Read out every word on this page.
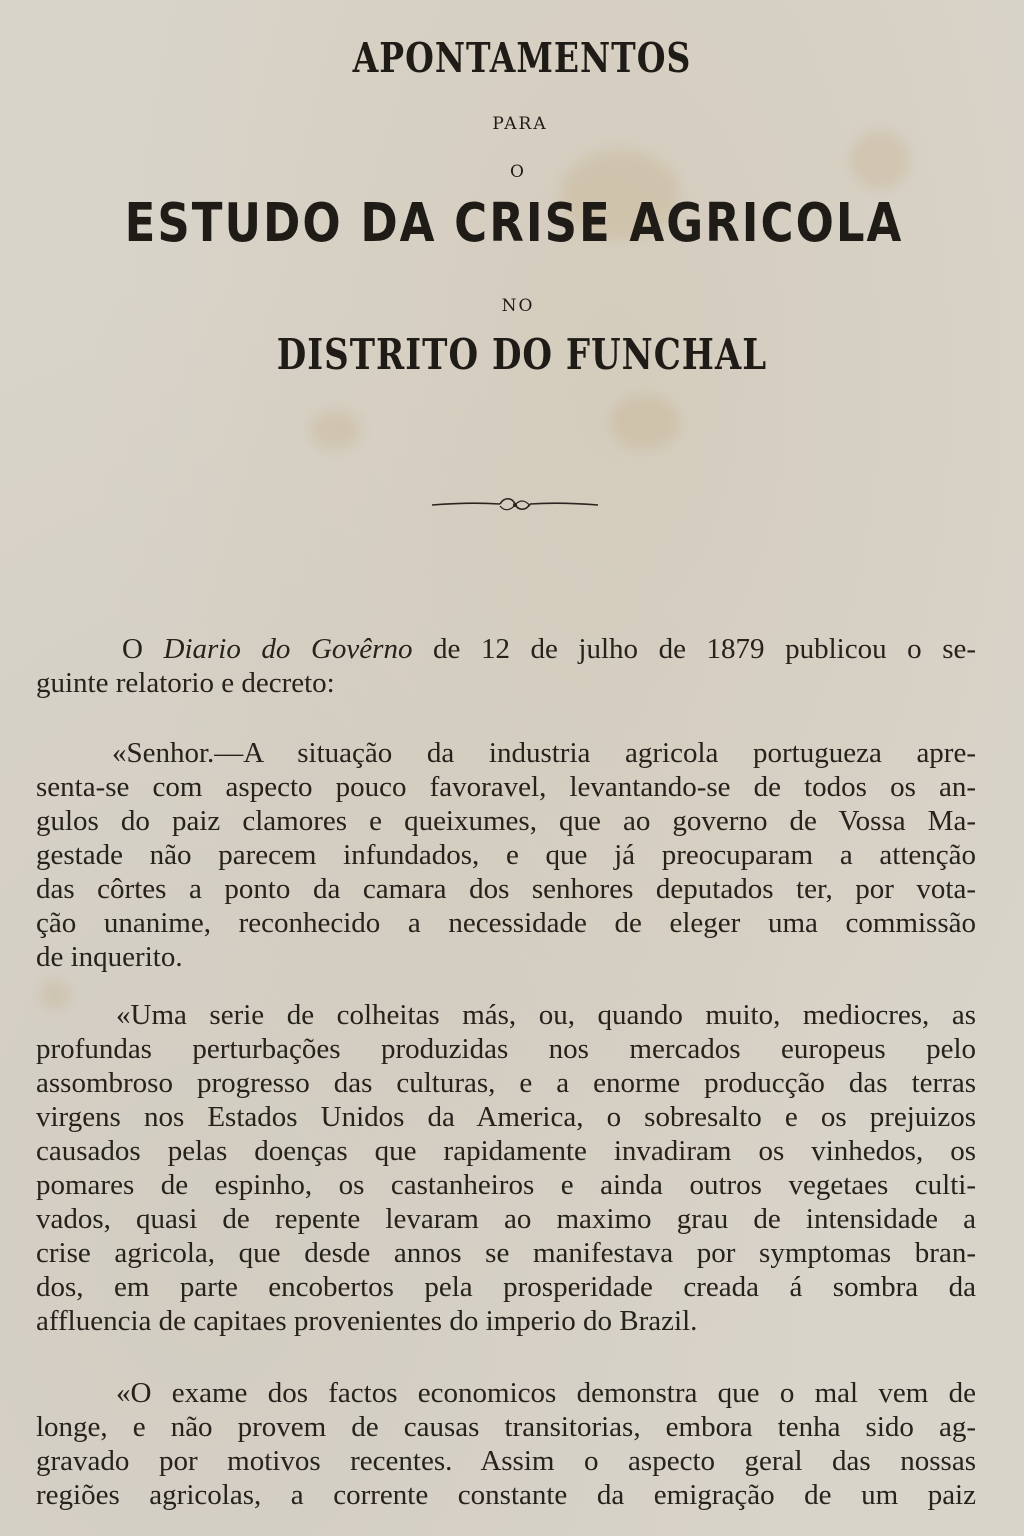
APONTAMENTOS
PARA
O
ESTUDO DA CRISE AGRICOLA
NO
DISTRITO DO FUNCHAL
O Diario do Govêrno de 12 de julho de 1879 publicou o se-
guinte relatorio e decreto:
«Senhor.—A situação da industria agricola portugueza apre-
senta-se com aspecto pouco favoravel, levantando-se de todos os an-
gulos do paiz clamores e queixumes, que ao governo de Vossa Ma-
gestade não parecem infundados, e que já preocuparam a attenção
das côrtes a ponto da camara dos senhores deputados ter, por vota-
ção unanime, reconhecido a necessidade de eleger uma commissão
de inquerito.
«Uma serie de colheitas más, ou, quando muito, mediocres, as
profundas perturbações produzidas nos mercados europeus pelo
assombroso progresso das culturas, e a enorme producção das terras
virgens nos Estados Unidos da America, o sobresalto e os prejuizos
causados pelas doenças que rapidamente invadiram os vinhedos, os
pomares de espinho, os castanheiros e ainda outros vegetaes culti-
vados, quasi de repente levaram ao maximo grau de intensidade a
crise agricola, que desde annos se manifestava por symptomas bran-
dos, em parte encobertos pela prosperidade creada á sombra da
affluencia de capitaes provenientes do imperio do Brazil.
«O exame dos factos economicos demonstra que o mal vem de
longe, e não provem de causas transitorias, embora tenha sido ag-
gravado por motivos recentes. Assim o aspecto geral das nossas
regiões agricolas, a corrente constante da emigração de um paiz
